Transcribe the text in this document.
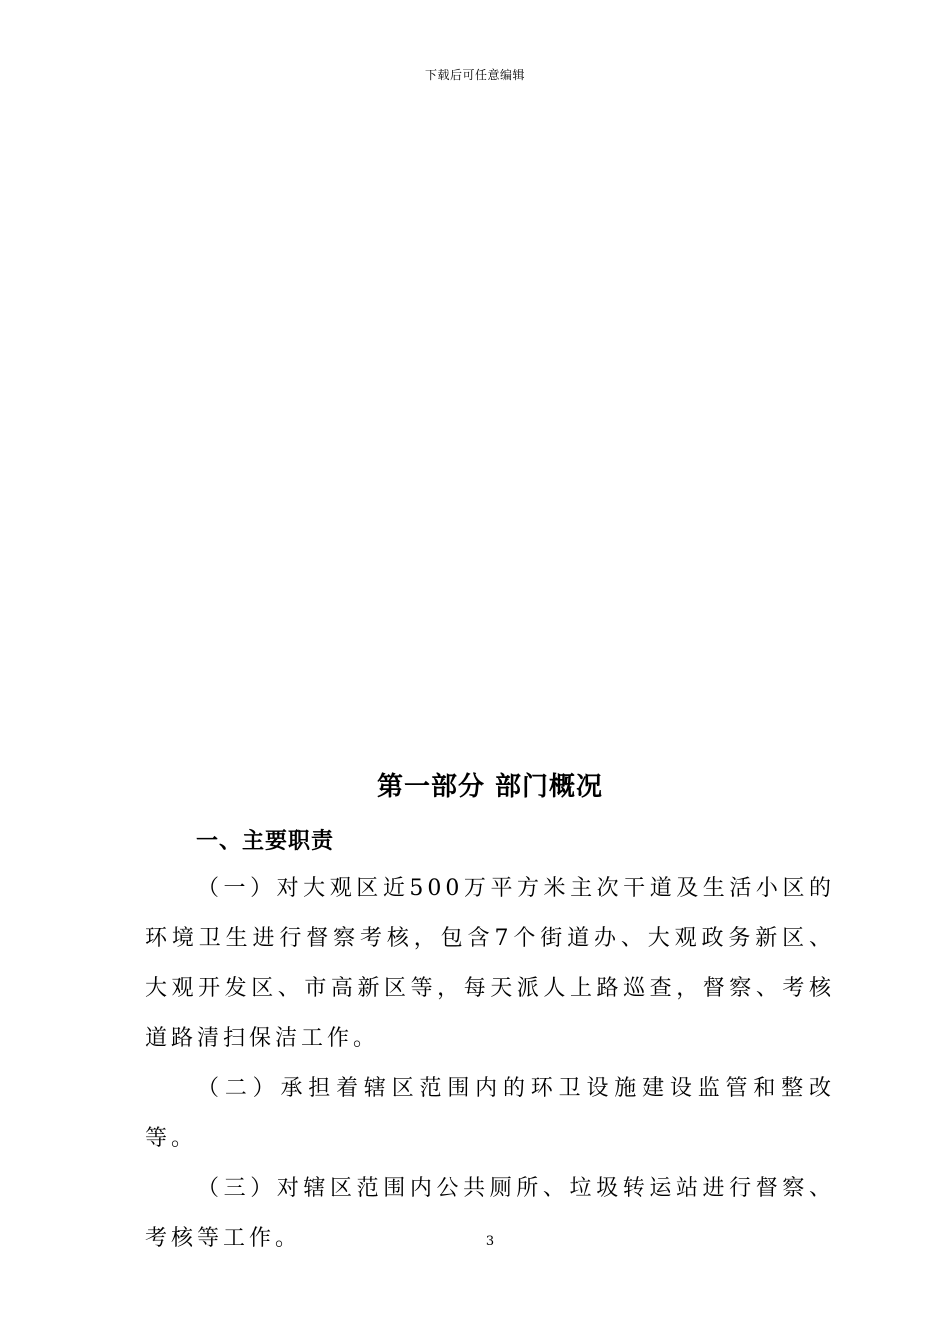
下载后可任意编辑
第一部分 部门概况
一、主要职责

（一）对大观区近500万平方米主次干道及生活小区的环境卫生进行督察考核，包含7个街道办、大观政务新区、大观开发区、市高新区等，每天派人上路巡查，督察、考核道路清扫保洁工作。

（二）承担着辖区范围内的环卫设施建设监管和整改等。

（三）对辖区范围内公共厕所、垃圾转运站进行督察、考核等工作。	3
